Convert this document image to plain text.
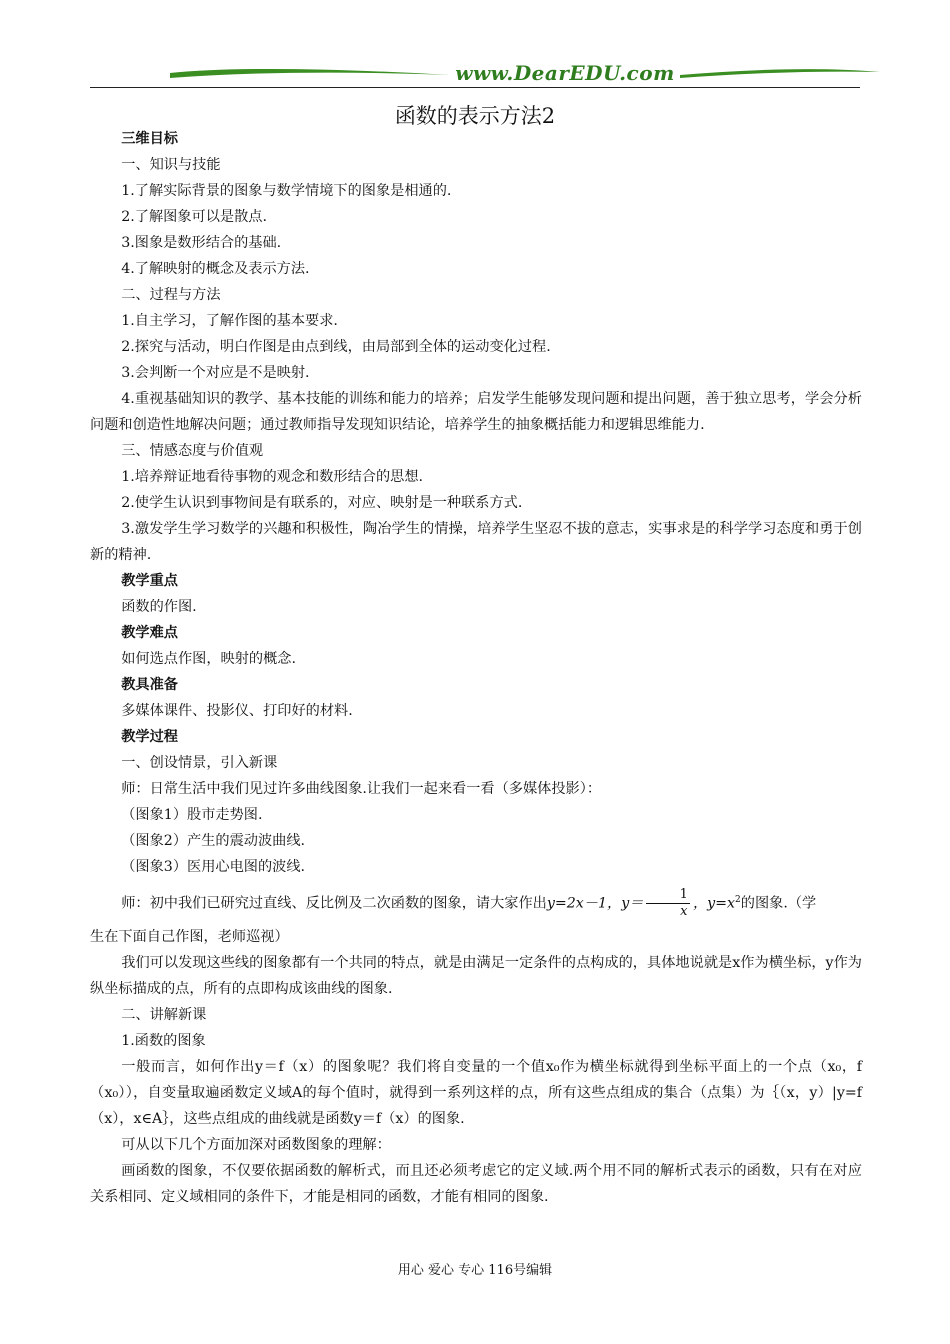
www.DearEDU.com
函数的表示方法2

三维目标

一、知识与技能

1.了解实际背景的图象与数学情境下的图象是相通的.

2.了解图象可以是散点.

3.图象是数形结合的基础.

4.了解映射的概念及表示方法.

二、过程与方法

1.自主学习，了解作图的基本要求.

2.探究与活动，明白作图是由点到线，由局部到全体的运动变化过程.

3.会判断一个对应是不是映射.

4.重视基础知识的教学、基本技能的训练和能力的培养；启发学生能够发现问题和提出问题，善于独立思考，学会分析问题和创造性地解决问题；通过教师指导发现知识结论，培养学生的抽象概括能力和逻辑思维能力.

三、情感态度与价值观

1.培养辩证地看待事物的观念和数形结合的思想.

2.使学生认识到事物间是有联系的，对应、映射是一种联系方式.

3.激发学生学习数学的兴趣和积极性，陶冶学生的情操，培养学生坚忍不拔的意志，实事求是的科学学习态度和勇于创新的精神.

教学重点

函数的作图.

教学难点

如何选点作图，映射的概念.

教具准备

多媒体课件、投影仪、打印好的材料.

教学过程

一、创设情景，引入新课

师：日常生活中我们见过许多曲线图象.让我们一起来看一看（多媒体投影）：

（图象1）股市走势图.

（图象2）产生的震动波曲线.

（图象3）医用心电图的波线.

师：初中我们已研究过直线、反比例及二次函数的图象，请大家作出y=2x－1，$y= \frac{1}{x}$ ，$y=x^2$的图象.（学

生在下面自己作图，老师巡视）

我们可以发现这些线的图象都有一个共同的特点，就是由满足一定条件的点构成的，具体地说就是x作为横坐标，y作为纵坐标描成的点，所有的点即构成该曲线的图象.

二、讲解新课

1.函数的图象

一般而言，如何作出y＝f（x）的图象呢？我们将自变量的一个值x₀作为横坐标就得到坐标平面上的一个点（x₀，f（x₀）），自变量取遍函数定义域A的每个值时，就得到一系列这样的点，所有这些点组成的集合（点集）为｛（x，y）|y=f（x），x∈A｝，这些点组成的曲线就是函数y＝f（x）的图象.

可从以下几个方面加深对函数图象的理解：

画函数的图象，不仅要依据函数的解析式，而且还必须考虑它的定义域.两个用不同的解析式表示的函数，只有在对应关系相同、定义域相同的条件下，才能是相同的函数，才能有相同的图象.

用心 爱心 专心 116号编辑
